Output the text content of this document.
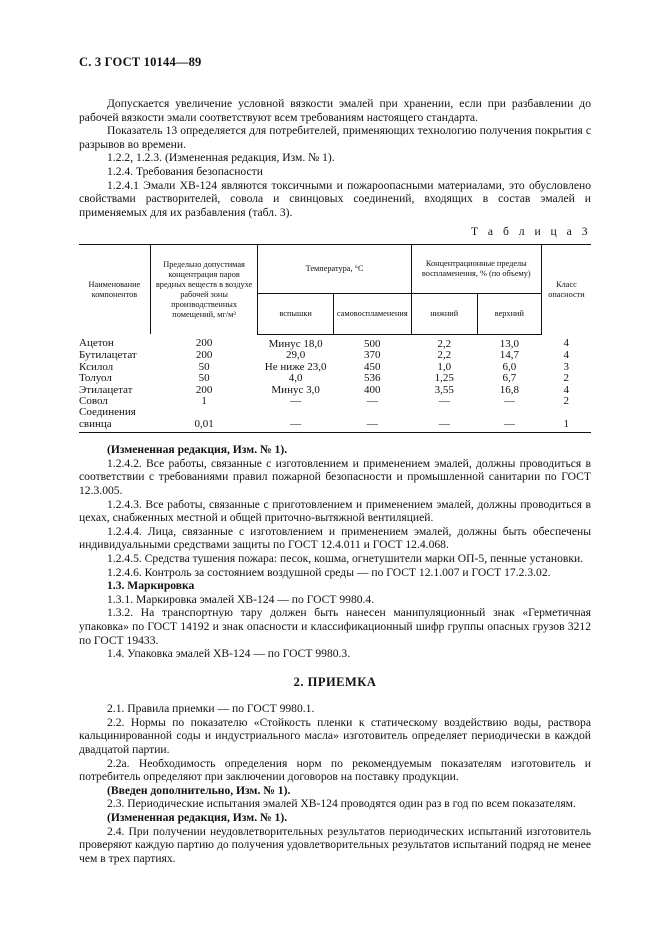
С. 3 ГОСТ 10144—89

Допускается увеличение условной вязкости эмалей при хранении, если при разбавлении до рабочей вязкости эмали соответствуют всем требованиям настоящего стандарта.

Показатель 13 определяется для потребителей, применяющих технологию получения покрытия с разрывов во времени.

1.2.2, 1.2.3. (Измененная редакция, Изм. № 1).

1.2.4. Требования безопасности

1.2.4.1 Эмали ХВ-124 являются токсичными и пожароопасными материалами, это обусловлено свойствами растворителей, совола и свинцовых соединений, входящих в состав эмалей и применяемых для их разбавления (табл. 3).

Т а б л и ц а 3
Наименование компонентов	Предельно допустимая концентрация паров вредных веществ в воздухе рабочей зоны производственных помещений, мг/м³	Температура, °С		Концентрационные пределы воспламенения, % (по объему)		Класс опасности
		вспышки	самовоспламенения	нижний	верхний	
Ацетон	200	Минус 18,0	500	2,2	13,0	4
Бутилацетат	200	29,0	370	2,2	14,7	4
Ксилол	50	Не ниже 23,0	450	1,0	6,0	3
Толуол	50	4,0	536	1,25	6,7	2
Этилацетат	200	Минус 3,0	400	3,55	16,8	4
Совол	1	—	—	—	—	2
Соединения свинца	0,01	—	—	—	—	1

(Измененная редакция, Изм. № 1).

1.2.4.2. Все работы, связанные с изготовлением и применением эмалей, должны проводиться в соответствии с требованиями правил пожарной безопасности и промышленной санитарии по ГОСТ 12.3.005.

1.2.4.3. Все работы, связанные с приготовлением и применением эмалей, должны проводиться в цехах, снабженных местной и общей приточно-вытяжной вентиляцией.

1.2.4.4. Лица, связанные с изготовлением и применением эмалей, должны быть обеспечены индивидуальными средствами защиты по ГОСТ 12.4.011 и ГОСТ 12.4.068.

1.2.4.5. Средства тушения пожара: песок, кошма, огнетушители марки ОП-5, пенные установки.

1.2.4.6. Контроль за состоянием воздушной среды — по ГОСТ 12.1.007 и ГОСТ 17.2.3.02.

1.3. Маркировка

1.3.1. Маркировка эмалей ХВ-124 — по ГОСТ 9980.4.

1.3.2. На транспортную тару должен быть нанесен манипуляционный знак «Герметичная упаковка» по ГОСТ 14192 и знак опасности и классификационный шифр группы опасных грузов 3212 по ГОСТ 19433.

1.4. Упаковка эмалей ХВ-124 — по ГОСТ 9980.3.

2. ПРИЕМКА

2.1. Правила приемки — по ГОСТ 9980.1.

2.2. Нормы по показателю «Стойкость пленки к статическому воздействию воды, раствора кальцинированной соды и индустриального масла» изготовитель определяет периодически в каждой двадцатой партии.

2.2а. Необходимость определения норм по рекомендуемым показателям изготовитель и потребитель определяют при заключении договоров на поставку продукции.

(Введен дополнительно, Изм. № 1).

2.3. Периодические испытания эмалей ХВ-124 проводятся один раз в год по всем показателям.

(Измененная редакция, Изм. № 1).

2.4. При получении неудовлетворительных результатов периодических испытаний изготовитель проверяют каждую партию до получения удовлетворительных результатов испытаний подряд не менее чем в трех партиях.
